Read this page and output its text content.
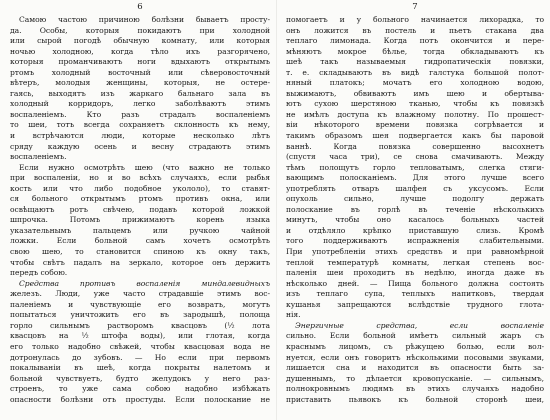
6
Самою частою причиною болѣзни бываетъ просту-
да. Особы, которыя покидаютъ при холодной
или сырой погодѣ обычную комнату, или которыя
ночью холодною, когда тѣло ихъ разгорячено,
которыя проманчиваютъ ноги вдыхаютъ открытымъ
ртомъ холодный восточный или сѣверовосточный
вѣтеръ, молодыя женщины, которыя, не остере-
гаясь, выходятъ изъ жаркаго бальнаго зала въ
холодный корридоръ, легко заболѣваютъ этимъ
воспаленіемъ. Кто разъ страдалъ воспаленіемъ
то шеи, тотъ всегда сохраняетъ склонность къ нему,
и встрѣчаются люди, которые несколько лѣтъ
сряду каждую осень и весну страдаютъ этимъ
воспаленіемъ.
Если нужно осмотрѣть шею (что важно не только
при воспаленіи, но и во всѣхъ случаяхъ, если рыбья
кость или что либо подобное укололо), то ставят-
ся больного открытымъ ртомъ противъ окна, или
освѣщаютъ ротъ свѣчею, подавъ которой ложкой
шпрочка. Потомъ прижимаютъ корень языка
указательнымъ пальцемъ или ручкою чайной
ложки. Если больной самъ хочетъ осмотрѣть
свою шею, то становится спиною къ окну такъ,
чтобы свѣтъ падалъ на зеркало, которое онъ держитъ
передъ собою.
Средства противъ воспаленія миндалевидныхъ
железъ. Люди, уже часто страдавшіе этимъ вос-
паленіемъ и чувствующіе его возвратъ, могутъ
попытаться уничтожить его въ зародышѣ, полоща
горло сильнымъ растворомъ квасцовъ (½ лота
квасцовъ на ½ штофа воды), или глотая, когда
его только надобно свѣжей, чтобы квасцовая вода не
дотронулась до зубовъ. — Но если при первомъ
покалываніи въ шеѣ, когда покрыты налетомъ и
больной чувствуетъ, будто желудокъ у него раз-
строенъ, то уже сама собою надобно избѣжать
опасности болѣзни отъ простуды. Если полоскание не
7
помогаетъ и у больного начинается лихорадка, то
онъ ложится въ постель и пьетъ стакана два
теплаго лимонада. Когда потъ окончится и пере-
мѣняютъ мокрое бѣлье, тогда обкладываютъ къ
шеѣ такъ называемыя гидропатическія повязки,
т. е. складываютъ въ видѣ галстука большой полот-
няный платокъ; мочатъ его холодною водою,
выжимаютъ, обвиваютъ имъ шею и обертыва-
ютъ сухою шерстяною тканью, чтобы къ повязкѣ
не имѣлъ доступа къ влажному полотну. По прошест-
віи нѣкоторого времени повязка согрѣвается и
такимъ образомъ шея подвергается какъ бы паровой
ваннѣ. Когда повязка совершенно высохнетъ
(спустя часа три), се снова смачиваютъ. Между
тѣмъ полощутъ горло тепловатымъ, слегка стяги-
вающимъ полосканіемъ. Для этого лучше всего
употреблять отваръ шалфея съ уксусомъ. Если
опухоль сильно, лучше подолгу держать
полоскание въ горлѣ въ теченіе нѣсколькихъ
минутъ, чтобы оно касалось больныхъ частей
и отдѣляло крѣпко приставшую слизь. Кромѣ
того поддерживаютъ испражненія слабительными.
При употребленіи этихъ средствъ и при равномѣрной
теплой температурѣ комнаты, легкая степень вос-
паленія шеи проходитъ въ недѣлю, иногда даже въ
нѣсколько дней. — Пища больного должна состоять
изъ теплаго супа, теплыхъ напитковъ, твердая
кушанья запрещаются вслѣдствіе трудного глота-
нія.
Энергичные средства, если воспаленіе
сильно. Если больной имѣетъ сильный жаръ съ
краснымъ лицомъ, съ рѣжущею болью, если вол-
нуется, если онъ говоритъ нѣсколькими посовыми звуками,
лишается сна и находится въ опасности быть за-
душеннымъ, то дѣлается кровопусканіе. — сильнымъ,
полнокровнымъ людямъ въ этихъ случаяхъ надобно
приставить пьявокъ къ больной сторонѣ шеи,
